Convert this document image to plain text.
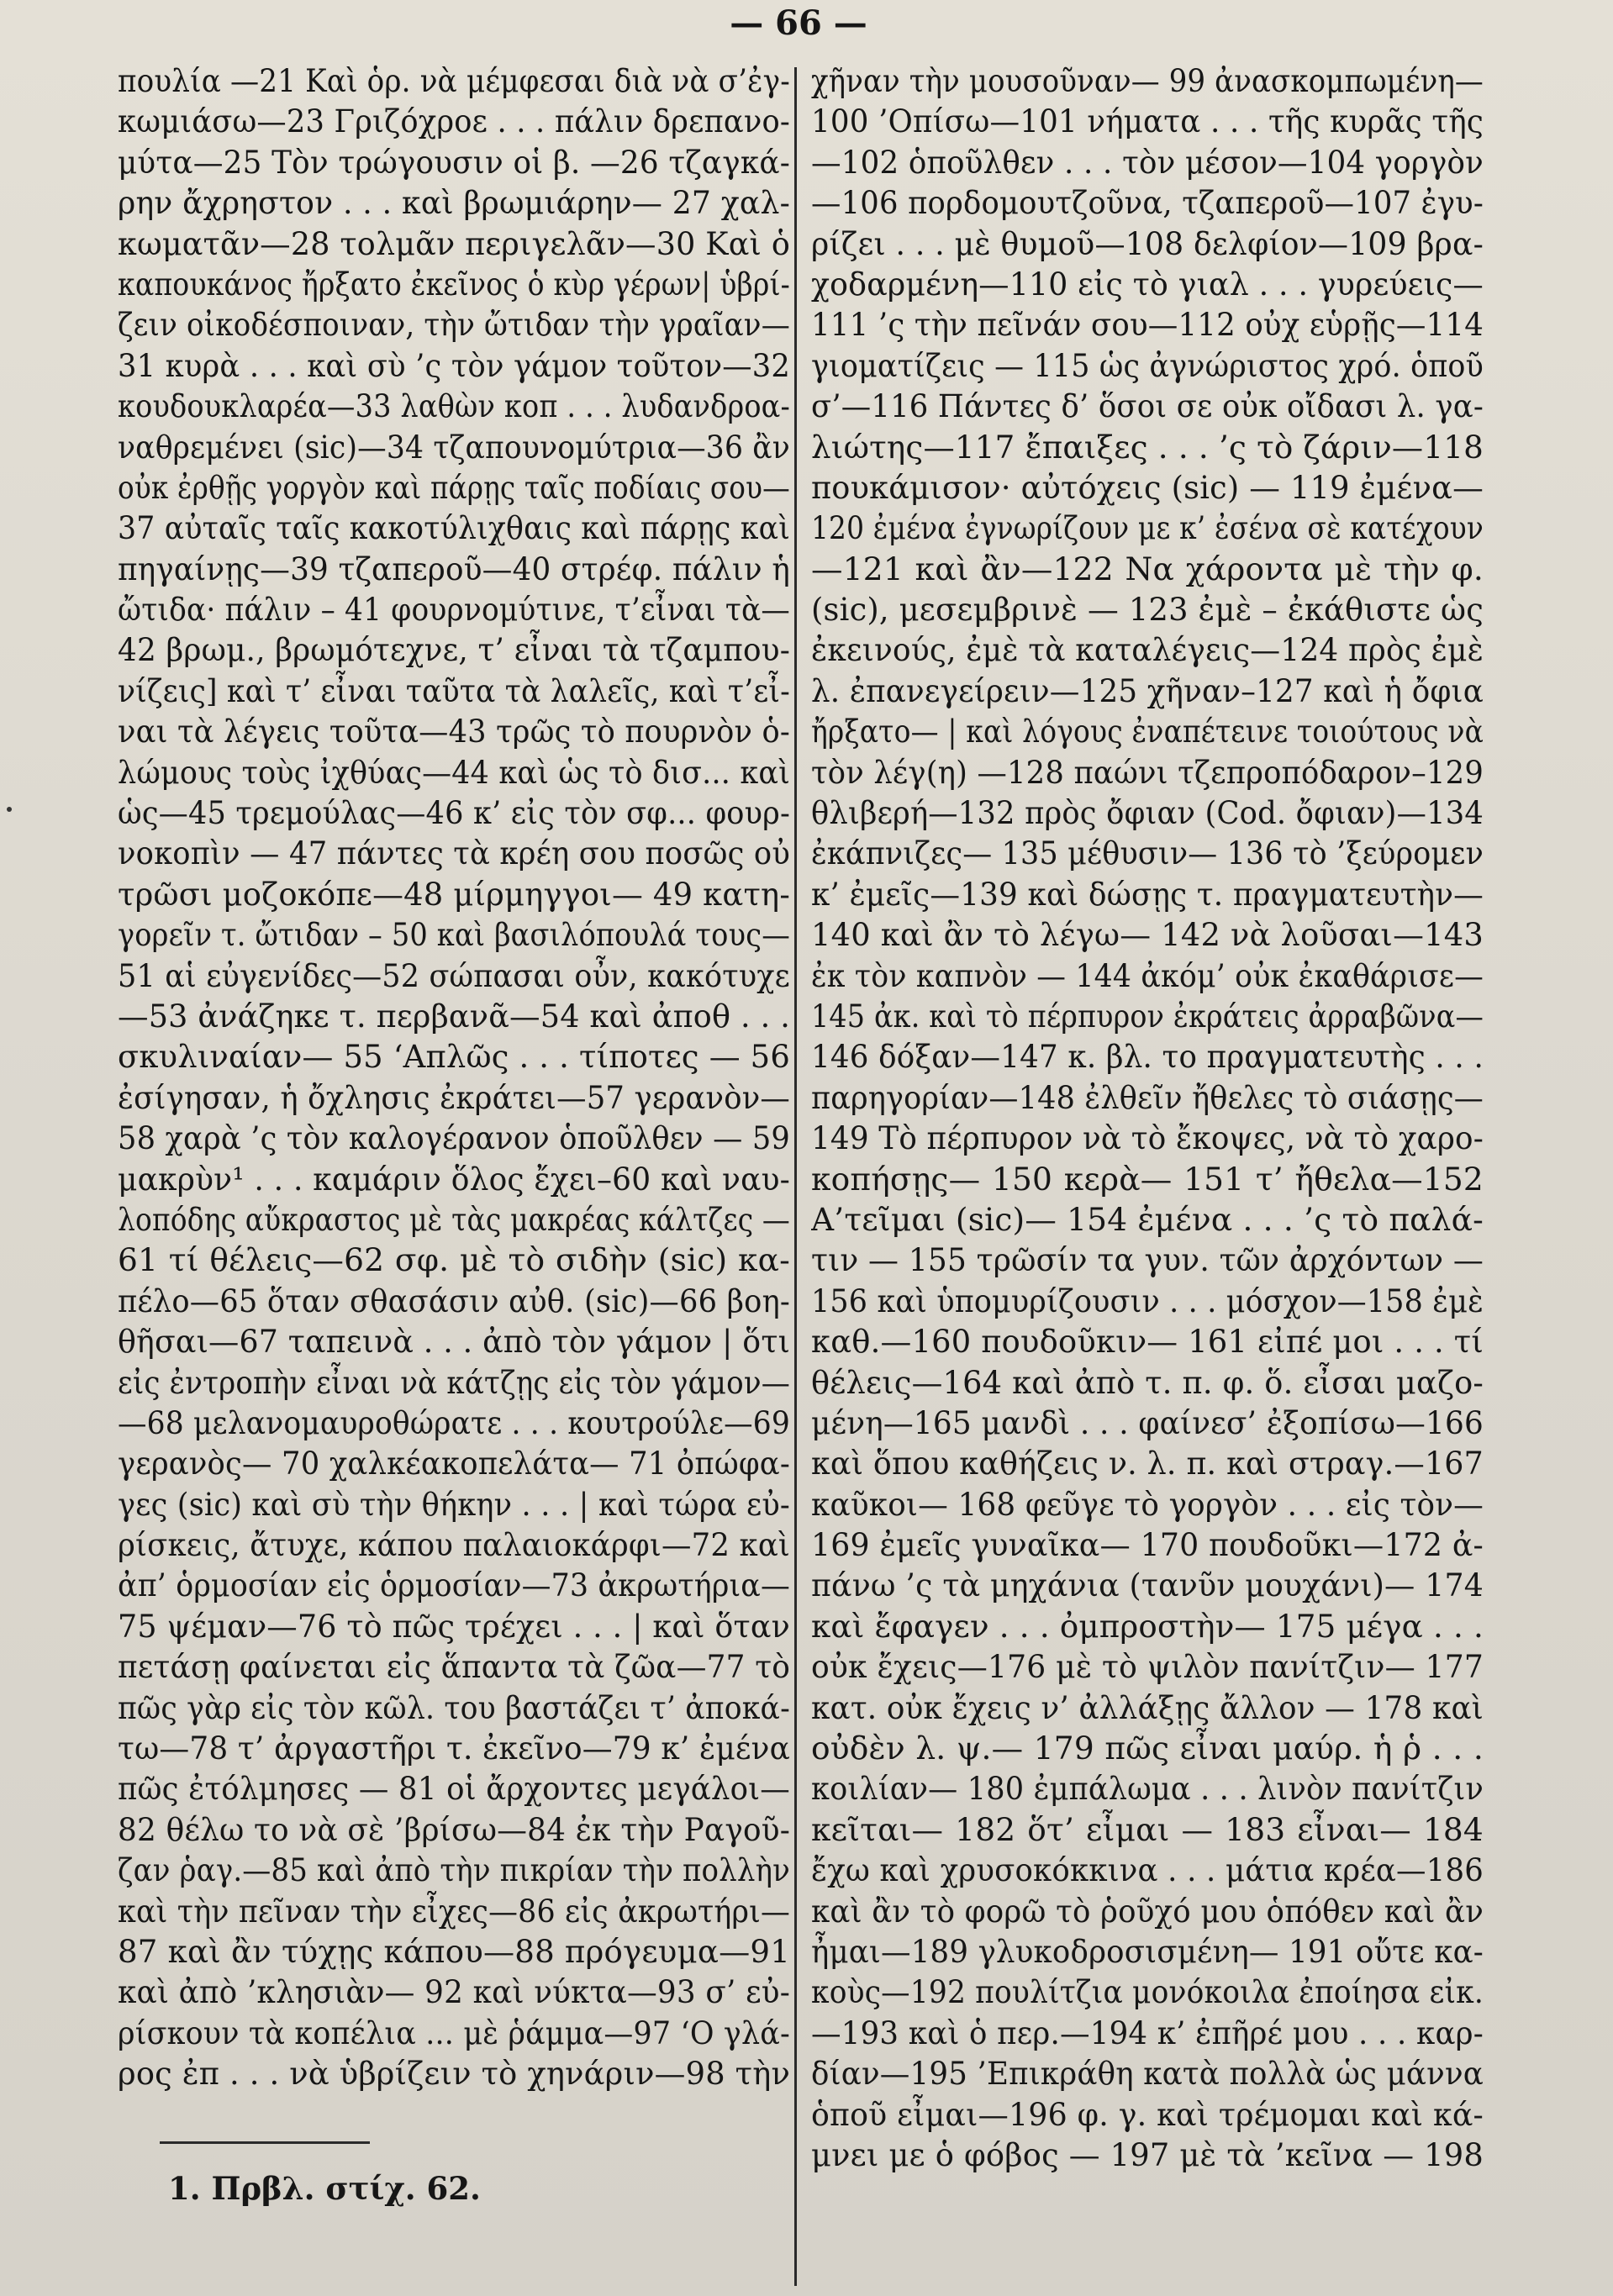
— 66 —
πουλία —21 Καὶ ὁρ. νὰ μέμφεσαι διὰ νὰ σ’ἐγ-
κωμιάσω—23 Γριζόχροε . . . πάλιν δρεπανο-
μύτα—25 Τὸν τρώγουσιν οἱ β. —26 τζαγκά-
ρην ἄχρηστον . . . καὶ βρωμιάρην— 27 χαλ-
κωματᾶν—28 τολμᾶν περιγελᾶν—30 Καὶ ὁ
καπουκάνος ἤρξατο ἐκεῖνος ὁ κὺρ γέρων| ὑβρί-
ζειν οἰκοδέσποιναν, τὴν ὤτιδαν τὴν γραῖαν—
31 κυρὰ . . . καὶ σὺ ’ς τὸν γάμον τοῦτον—32
κουδουκλαρέα—33 λαθὼν κοπ . . . λυδανδροα-
ναθρεμένει (sic)—34 τζαπουνομύτρια—36 ἂν
οὐκ ἐρθῇς γοργὸν καὶ πάρῃς ταῖς ποδίαις σου—
37 αὐταῖς ταῖς κακοτύλιχθαις καὶ πάρῃς καὶ
πηγαίνῃς—39 τζαπεροῦ—40 στρέφ. πάλιν ἡ
ὤτιδα· πάλιν – 41 φουρνομύτινε, τ’εἶναι τὰ—
42 βρωμ., βρωμότεχνε, τ’ εἶναι τὰ τζαμπου-
νίζεις] καὶ τ’ εἶναι ταῦτα τὰ λαλεῖς, καὶ τ’εἶ-
ναι τὰ λέγεις τοῦτα—43 τρῶς τὸ πουρνὸν ὁ-
λώμους τοὺς ἰχθύας—44 καὶ ὡς τὸ δισ... καὶ
ὡς—45 τρεμούλας—46 κ’ εἰς τὸν σφ... φουρ-
νοκοπὶν — 47 πάντες τὰ κρέη σου ποσῶς οὐ
τρῶσι μοζοκόπε—48 μίρμηγγοι— 49 κατη-
γορεῖν τ. ὤτιδαν – 50 καὶ βασιλόπουλά τους—
51 αἱ εὐγενίδες—52 σώπασαι οὖν, κακότυχε
—53 ἀνάζηκε τ. περβανᾶ—54 καὶ ἀποθ . . .
σκυλιναίαν— 55 ‘Απλῶς . . . τίποτες — 56
ἐσίγησαν, ἡ ὄχλησις ἐκράτει—57 γερανὸν—
58 χαρὰ ’ς τὸν καλογέρανον ὁπoῦλθεν — 59
μακρὺν¹ . . . καμάριν ὅλος ἔχει–60 καὶ ναυ-
λοπόδης αὔκραστος μὲ τὰς μακρέας κάλτζες —
61 τί θέλεις—62 σφ. μὲ τὸ σιδὴν (sic) κα-
πέλο—65 ὅταν σθασάσιν αὐθ. (sic)—66 βοη-
θῆσαι—67 ταπεινὰ . . . ἀπὸ τὸν γάμον | ὅτι
εἰς ἐντροπὴν εἶναι νὰ κάτζῃς εἰς τὸν γάμον—
—68 μελανομαυροθώρατε . . . κουτρούλε—69
γερανὸς— 70 χαλκέακοπελάτα— 71 ὀπώφα-
γες (sic) καὶ σὺ τὴν θήκην . . . | καὶ τώρα εὐ-
ρίσκεις, ἄτυχε, κάπου παλαιοκάρφι—72 καὶ
ἀπ’ ὁρμοσίαν εἰς ὁρμοσίαν—73 ἀκρωτήρια—
75 ψέμαν—76 τὸ πῶς τρέχει . . . | καὶ ὅταν
πετάσῃ φαίνεται εἰς ἅπαντα τὰ ζῶα—77 τὸ
πῶς γὰρ εἰς τὸν κῶλ. του βαστάζει τ’ ἀποκά-
τω—78 τ’ ἀργαστῆρι τ. ἐκεῖνο—79 κ’ ἐμένα
πῶς ἐτόλμησες — 81 οἱ ἄρχοντες μεγάλοι—
82 θέλω το νὰ σὲ ’βρίσω—84 ἐκ τὴν Ραγοῦ-
ζαν ῥαγ.—85 καὶ ἀπὸ τὴν πικρίαν τὴν πολλὴν
καὶ τὴν πεῖναν τὴν εἶχες—86 εἰς ἀκρωτήρι—
87 καὶ ἂν τύχῃς κάπου—88 πρόγευμα—91
καὶ ἀπὸ ’κλησιὰν— 92 καὶ νύκτα—93 σ’ εὐ-
ρίσκουν τὰ κοπέλια ... μὲ ῥάμμα—97 ‘Ο γλά-
ρος ἐπ . . . νὰ ὑβρίζειν τὸ χηνάριν—98 τὴν
χῆναν τὴν μουσοῦναν— 99 ἀνασκομπωμένη—
100 ’Οπίσω—101 νήματα . . . τῆς κυρᾶς τῆς
—102 ὁπoῦλθεν . . . τὸν μέσον—104 γοργὸν
—106 πορδομουτζοῦνα, τζαπεροῦ—107 ἐγυ-
ρίζει . . . μὲ θυμοῦ—108 δελφίον—109 βρα-
χοδαρμένη—110 εἰς τὸ γιαλ . . . γυρεύεις—
111 ’ς τὴν πεῖνάν σου—112 οὐχ εὑρῇς—114
γιοματίζεις — 115 ὡς ἀγνώριστος χρό. ὁποῦ
σ’—116 Πάντες δ’ ὅσοι σε οὐκ οἴδασι λ. γα-
λιώτης—117 ἔπαιξες . . . ’ς τὸ ζάριν—118
πουκάμισον· αὐτόχεις (sic) — 119 ἐμένα—
120 ἐμένα ἐγνωρίζουν με κ’ ἐσένα σὲ κατέχουν
—121 καὶ ἂν—122 Να χάροντα μὲ τὴν φ.
(sic), μεσεμβρινὲ — 123 ἐμὲ – ἐκάθιστε ὡς
ἐκεινούς, ἐμὲ τὰ καταλέγεις—124 πρὸς ἐμὲ
λ. ἐπανεγείρειν—125 χῆναν–127 καὶ ἡ ὄφια
ἤρξατο— | καὶ λόγους ἐναπέτεινε τοιούτους νὰ
τὸν λέγ(η) —128 παώνι τζεπροπόδαρον–129
θλιβερή—132 πρὸς ὄφιαν (Cod. ὄφιαν)—134
ἐκάπνιζες— 135 μέθυσιν— 136 τὸ ’ξεύρομεν
κ’ ἐμεῖς—139 καὶ δώσῃς τ. πραγματευτὴν—
140 καὶ ἂν τὸ λέγω— 142 νὰ λοῦσαι—143
ἐκ τὸν καπνὸν — 144 ἀκόμ’ οὐκ ἐκαθάρισε—
145 ἀκ. καὶ τὸ πέρπυρον ἐκράτεις ἀρραβῶνα—
146 δόξαν—147 κ. βλ. το πραγματευτὴς . . .
παρηγορίαν—148 ἐλθεῖν ἤθελες τὸ σιάσῃς—
149 Τὸ πέρπυρον νὰ τὸ ἔκοψες, νὰ τὸ χαρο-
κοπήσῃς— 150 κερὰ— 151 τ’ ἤθελα—152
Α’τεῖμαι (sic)— 154 ἐμένα . . . ’ς τὸ παλά-
τιν — 155 τρῶσίν τα γυν. τῶν ἀρχόντων —
156 καὶ ὑπομυρίζουσιν . . . μόσχον—158 ἐμὲ
καθ.—160 πουδοῦκιν— 161 εἰπέ μοι . . . τί
θέλεις—164 καὶ ἀπὸ τ. π. φ. ὅ. εἶσαι μαζο-
μένη—165 μανδὶ . . . φαίνεσ’ ἐξοπίσω—166
καὶ ὅπου καθήζεις ν. λ. π. καὶ στραγ.—167
καῦκοι— 168 φεῦγε τὸ γοργὸν . . . εἰς τὸν—
169 ἐμεῖς γυναῖκα— 170 πουδοῦκι—172 ἀ-
πάνω ’ς τὰ μηχάνια (τανῦν μουχάνι)— 174
καὶ ἔφαγεν . . . ὀμπροστὴν— 175 μέγα . . .
οὐκ ἔχεις—176 μὲ τὸ ψιλὸν πανίτζιν— 177
κατ. οὐκ ἔχεις ν’ ἀλλάξῃς ἄλλον — 178 καὶ
οὐδὲν λ. ψ.— 179 πῶς εἶναι μαύρ. ἡ ῥ . . .
κοιλίαν— 180 ἐμπάλωμα . . . λινὸν πανίτζιν
κεῖται— 182 ὅτ’ εἶμαι — 183 εἶναι— 184
ἔχω καὶ χρυσοκόκκινα . . . μάτια κρέα—186
καὶ ἂν τὸ φορῶ τὸ ῥοῦχό μου ὁπόθεν καὶ ἂν
ἦμαι—189 γλυκοδροσισμένη— 191 οὔτε κα-
κοὺς—192 πουλίτζια μονόκοιλα ἐποίησα εἰκ.
—193 καὶ ὁ περ.—194 κ’ ἐπῆρέ μου . . . καρ-
δίαν—195 ’Επικράθη κατὰ πολλὰ ὡς μάννα
ὁπoῦ εἶμαι—196 φ. γ. καὶ τρέμομαι καὶ κά-
μνει με ὁ φόβος — 197 μὲ τὰ ’κεῖνα — 198
1. Πρβλ. στίχ. 62.
